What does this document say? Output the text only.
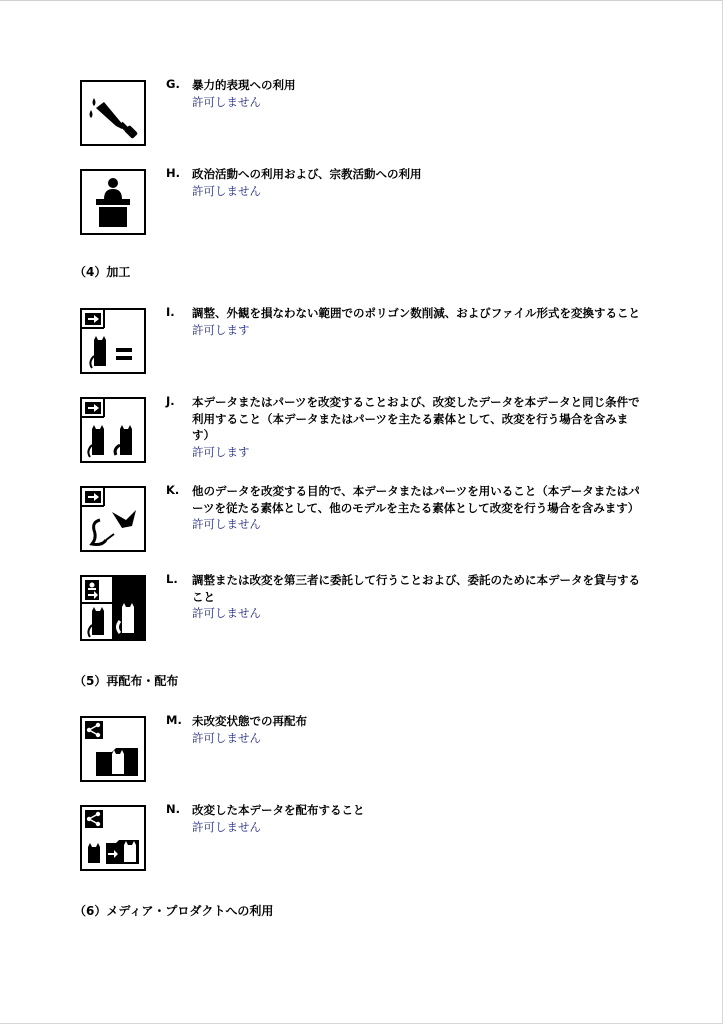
G. 暴力的表現への利用
許可しません
H. 政治活動への利用および、宗教活動への利用
許可しません
（4）加工
I. 調整、外観を損なわない範囲でのポリゴン数削減、およびファイル形式を変換すること
許可します
J. 本データまたはパーツを改変することおよび、改変したデータを本データと同じ条件で利用すること（本データまたはパーツを主たる素体として、改変を行う場合を含みます）
許可します
K. 他のデータを改変する目的で、本データまたはパーツを用いること（本データまたはパーツを従たる素体として、他のモデルを主たる素体として改変を行う場合を含みます）
許可しません
L. 調整または改変を第三者に委託して行うことおよび、委託のために本データを貸与すること
許可しません
（5）再配布・配布
M. 未改変状態での再配布
許可しません
N. 改変した本データを配布すること
許可しません
（6）メディア・プロダクトへの利用
